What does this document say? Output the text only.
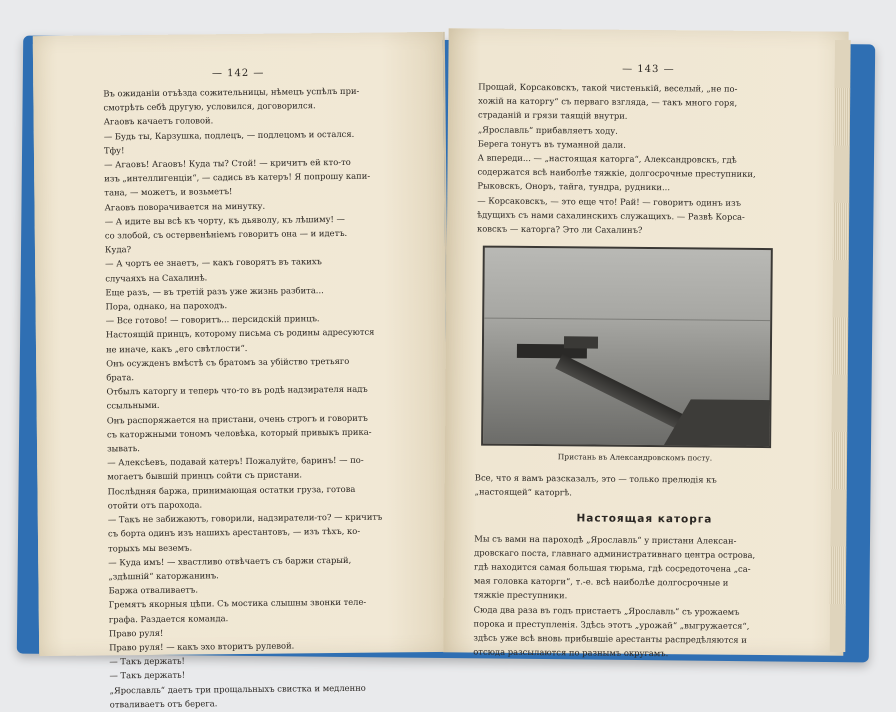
— 142 —

Въ ожиданіи отъѣзда сожительницы, нѣмецъ успѣлъ при-

смотрѣть себѣ другую, условился, договорился.

Агаовъ качаетъ головой.

— Будь ты, Карзушка, подлецъ, — подлецомъ и остался.

Тфу!

— Агаовъ! Агаовъ! Куда ты? Стой! — кричитъ ей кто-то

изъ „интеллигенціи“, — садись въ катеръ! Я попрошу капи-

тана, — можетъ, и возьметъ!

Агаовъ поворачивается на минутку.

— А идите вы всѣ къ чорту, къ дьяволу, къ лѣшиму! —

со злобой, съ остервенѣніемъ говоритъ она — и идетъ.

Куда?

— А чортъ ее знаетъ, — какъ говорятъ въ такихъ

случаяхъ на Сахалинѣ.

Еще разъ, — въ третій разъ уже жизнь разбита...

Пора, однако, на пароходъ.

— Все готово! — говоритъ... персидскій принцъ.

Настоящій принцъ, которому письма съ родины адресуются

не иначе, какъ „его свѣтлости“.

Онъ осужденъ вмѣстѣ съ братомъ за убійство третьяго

брата.

Отбылъ каторгу и теперь что-то въ родѣ надзирателя надъ

ссыльными.

Онъ распоряжается на пристани, очень строгъ и говоритъ

съ каторжными тономъ человѣка, который привыкъ прика-

зывать.

— Алексѣевъ, подавай катеръ! Пожалуйте, баринъ! — по-

могаетъ бывшій принцъ сойти съ пристани.

Послѣдняя баржа, принимающая остатки груза, готова

отойти отъ парохода.

— Такъ не забижаютъ, говорили, надзиратели-то? — кричитъ

съ борта одинъ изъ нашихъ арестантовъ, — изъ тѣхъ, ко-

торыхъ мы веземъ.

— Куда имъ! — хвастливо отвѣчаетъ съ баржи старый,

„здѣшній“ каторжанинъ.

Баржа отваливаетъ.

Гремятъ якорныя цѣпи. Съ мостика слышны звонки теле-

графа. Раздается команда.

Право руля!

Право руля! — какъ эхо вторитъ рулевой.

— Такъ держать!

— Такъ держать!

„Ярославль“ даетъ три прощальныхъ свистка и медленно

отваливаетъ отъ берега.

— 143 —

Прощай, Корсаковскъ, такой чистенькій, веселый, „не по-

хожій на каторгу“ съ перваго взгляда, — такъ много горя,

страданій и грязи таящій внутри.

„Ярославль“ прибавляетъ ходу.

Берега тонутъ въ туманной дали.

А впереди... — „настоящая каторга“, Александровскъ, гдѣ

содержатся всѣ наиболѣе тяжкіе, долгосрочные преступники,

Рыковскъ, Оноръ, тайга, тундра, рудники...

— Корсаковскъ, — это еще что! Рай! — говоритъ одинъ изъ

ѣдущихъ съ нами сахалинскихъ служащихъ. — Развѣ Корса-

ковскъ — каторга? Это ли Сахалинъ?

Пристань въ Александровскомъ посту.

Все, что я вамъ разсказалъ, это — только прелюдія къ

„настоящей“ каторгѣ.

Настоящая каторга

Мы съ вами на пароходѣ „Ярославль“ у пристани Алексан-

дровскаго поста, главнаго административнаго центра острова,

гдѣ находится самая большая тюрьма, гдѣ сосредоточена „са-

мая головка каторги“, т.-е. всѣ наиболѣе долгосрочные и

тяжкіе преступники.

Сюда два раза въ годъ пристаетъ „Ярославль“ съ урожаемъ

порока и преступленія. Здѣсь этотъ „урожай“ „выгружается“,

здѣсь уже всѣ вновь прибывшіе арестанты распредѣляются и

отсюда разсылаются по разнымъ округамъ.
